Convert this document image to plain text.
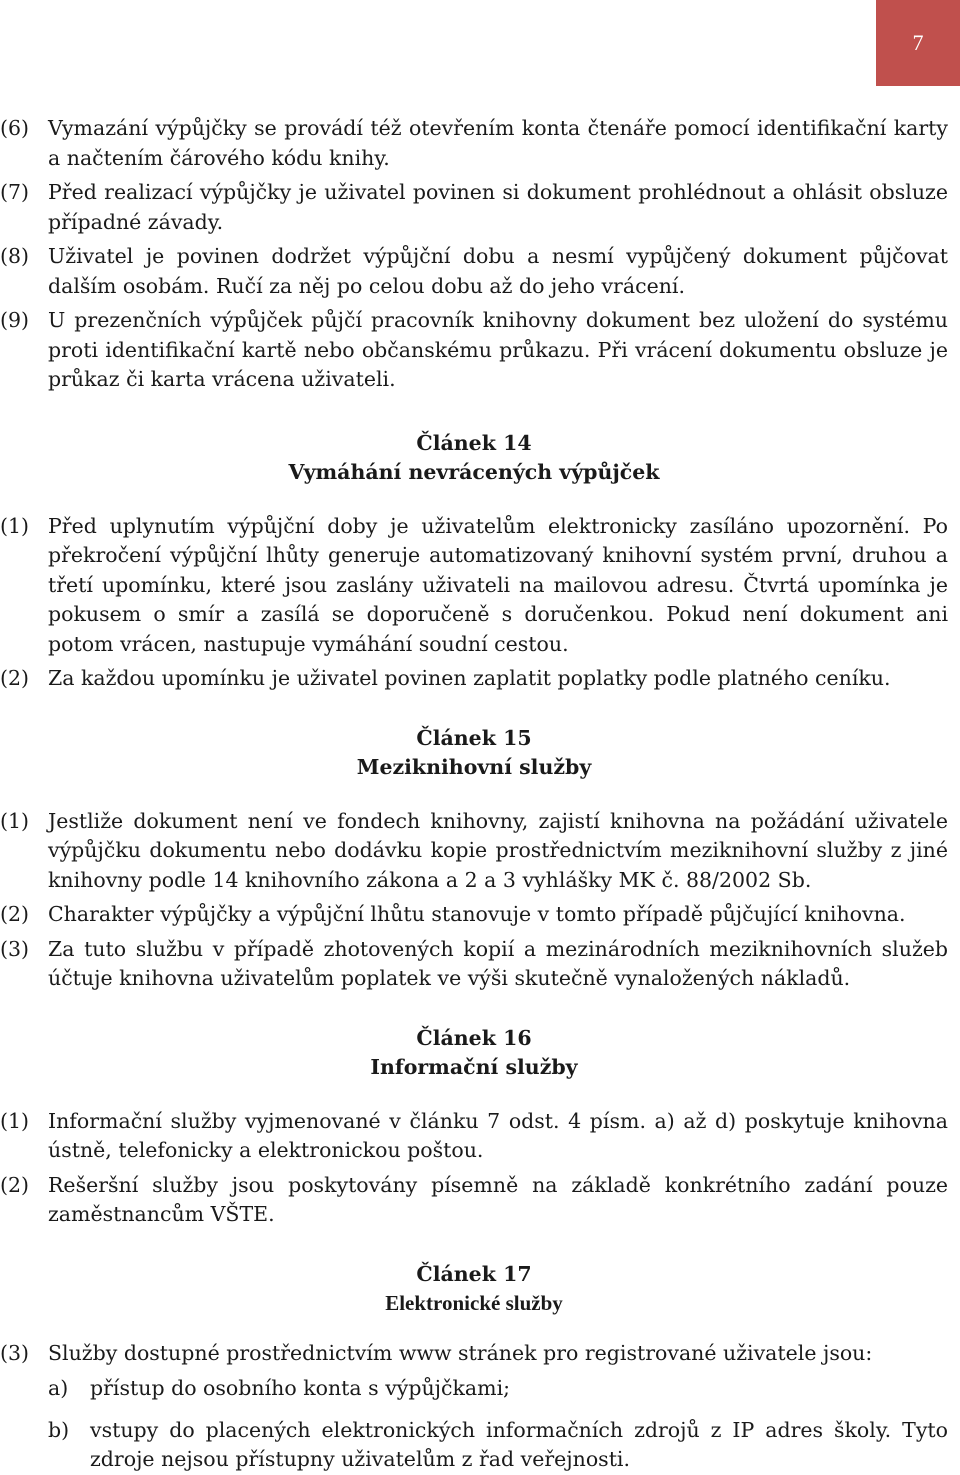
7
(6) Vymazání výpůjčky se provádí též otevřením konta čtenáře pomocí identifikační karty a načtením čárového kódu knihy.
(7) Před realizací výpůjčky je uživatel povinen si dokument prohlédnout a ohlásit obsluze případné závady.
(8) Uživatel je povinen dodržet výpůjční dobu a nesmí vypůjčený dokument půjčovat dalším osobám. Ručí za něj po celou dobu až do jeho vrácení.
(9) U prezenčních výpůjček půjčí pracovník knihovny dokument bez uložení do systému proti identifikační kartě nebo občanskému průkazu. Při vrácení dokumentu obsluze je průkaz či karta vrácena uživateli.
Článek 14
Vymáhání nevrácených výpůjček
(1) Před uplynutím výpůjční doby je uživatelům elektronicky zasíláno upozornění. Po překročení výpůjční lhůty generuje automatizovaný knihovní systém první, druhou a třetí upomínku, které jsou zaslány uživateli na mailovou adresu. Čtvrtá upomínka je pokusem o smír a zasílá se doporučeně s doručenkou. Pokud není dokument ani potom vrácen, nastupuje vymáhání soudní cestou.
(2) Za každou upomínku je uživatel povinen zaplatit poplatky podle platného ceníku.
Článek 15
Meziknihovní služby
(1) Jestliže dokument není ve fondech knihovny, zajistí knihovna na požádání uživatele výpůjčku dokumentu nebo dodávku kopie prostřednictvím meziknihovní služby z jiné knihovny podle 14 knihovního zákona a 2 a 3 vyhlášky MK č. 88/2002 Sb.
(2) Charakter výpůjčky a výpůjční lhůtu stanovuje v tomto případě půjčující knihovna.
(3) Za tuto službu v případě zhotovených kopií a mezinárodních meziknihovních služeb účtuje knihovna uživatelům poplatek ve výši skutečně vynaložených nákladů.
Článek 16
Informační služby
(1) Informační služby vyjmenované v článku 7 odst. 4 písm. a) až d) poskytuje knihovna ústně, telefonicky a elektronickou poštou.
(2) Rešeršní služby jsou poskytovány písemně na základě konkrétního zadání pouze zaměstnancům VŠTE.
Článek 17
Elektronické služby
(3) Služby dostupné prostřednictvím www stránek pro registrované uživatele jsou:
a)	přístup do osobního konta s výpůjčkami;
b)	vstupy do placených elektronických informačních zdrojů z IP adres školy. Tyto zdroje nejsou přístupny uživatelům z řad veřejnosti.
